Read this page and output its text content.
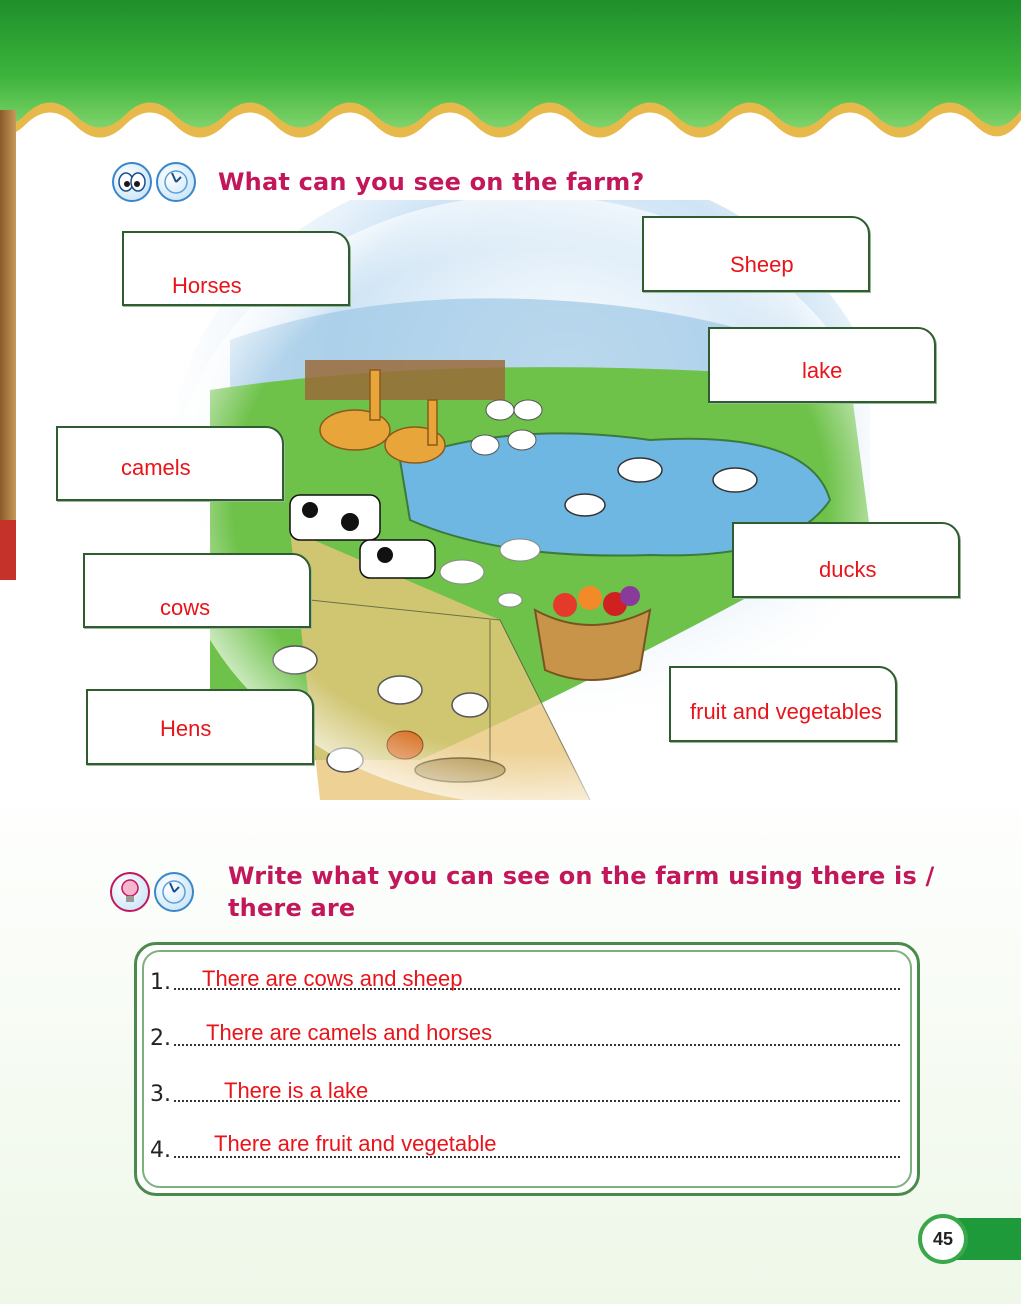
What can you see on the farm?
Horses
Sheep
lake
camels
ducks
cows
fruit and vegetables
Hens
Write what you can see on the farm using there is /
there are
1. There are cows and sheep
2. There are camels and horses
3. There is a lake
4. There are fruit and vegetable
45
